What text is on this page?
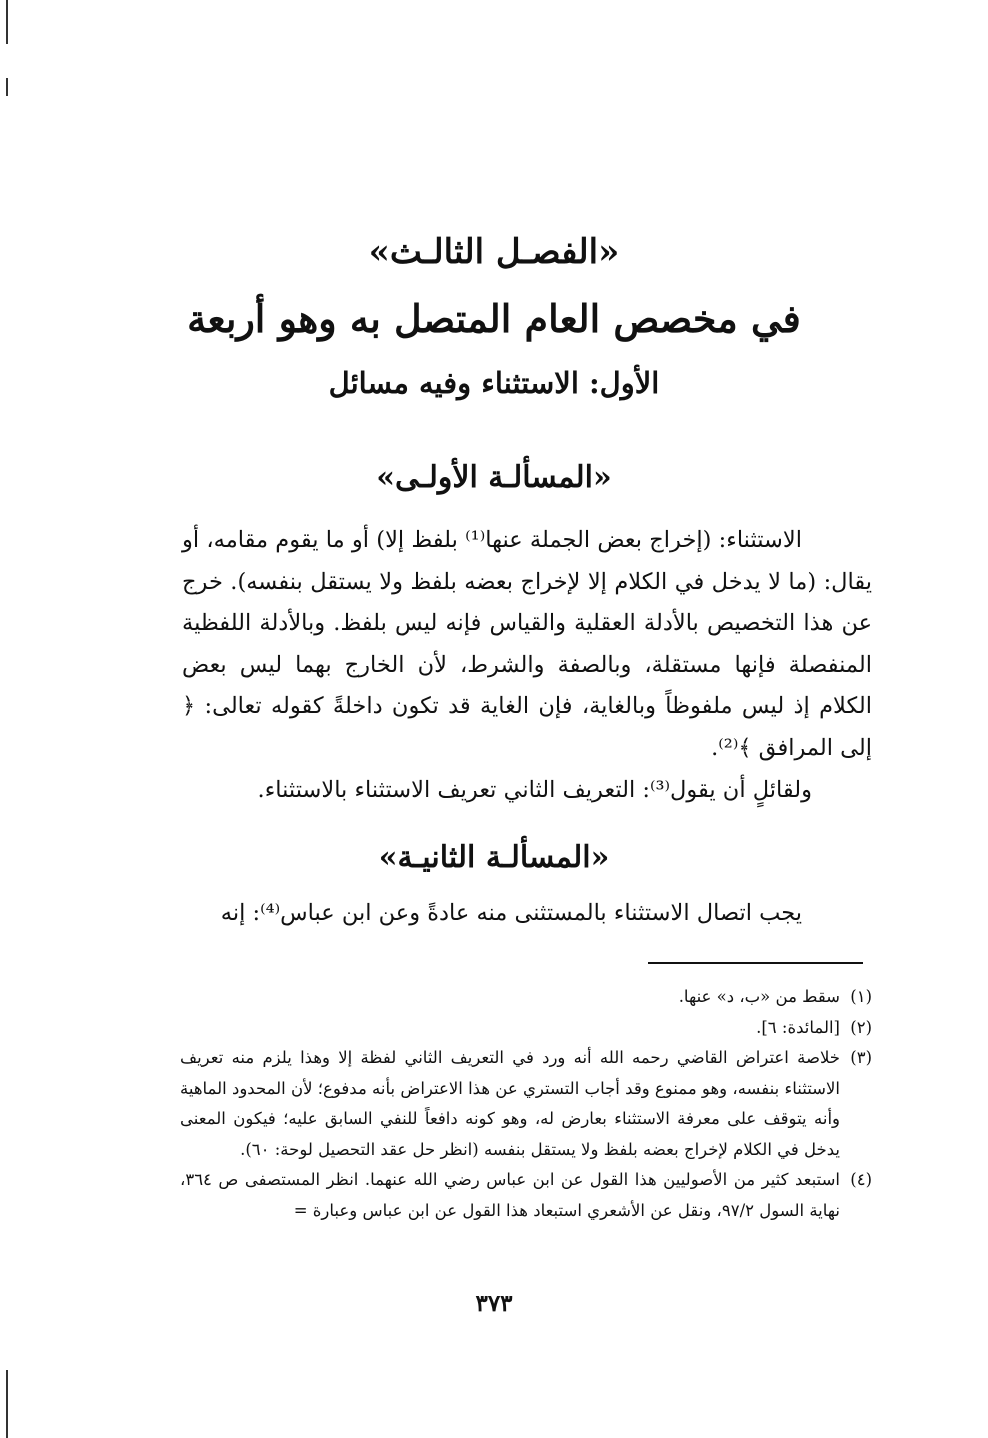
«الفصـل الثالـث»
في مخصص العام المتصل به وهو أربعة
الأول: الاستثناء وفيه مسائل
«المسألـة الأولـى»
الاستثناء: (إخراج بعض الجملة عنها⁽¹⁾ بلفظ إلا) أو ما يقوم مقامه، أو يقال: (ما لا يدخل في الكلام إلا لإخراج بعضه بلفظ ولا يستقل بنفسه). خرج عن هذا التخصيص بالأدلة العقلية والقياس فإنه ليس بلفظ. وبالأدلة اللفظية المنفصلة فإنها مستقلة، وبالصفة والشرط، لأن الخارج بهما ليس بعض الكلام إذ ليس ملفوظاً وبالغاية، فإن الغاية قد تكون داخلةً كقوله تعالى: ﴿ إلى المرافق ﴾⁽²⁾.
ولقائلٍ أن يقول⁽³⁾: التعريف الثاني تعريف الاستثناء بالاستثناء.
«المسألـة الثانيـة»
يجب اتصال الاستثناء بالمستثنى منه عادةً وعن ابن عباس⁽⁴⁾: إنه
(١)
سقط من «ب، د» عنها.
(٢)
[المائدة: ٦].
(٣)
خلاصة اعتراض القاضي رحمه الله أنه ورد في التعريف الثاني لفظة إلا وهذا يلزم منه تعريف الاستثناء بنفسه، وهو ممنوع وقد أجاب التستري عن هذا الاعتراض بأنه مدفوع؛ لأن المحدود الماهية وأنه يتوقف على معرفة الاستثناء بعارض له، وهو كونه دافعاً للنفي السابق عليه؛ فيكون المعنى يدخل في الكلام لإخراج بعضه بلفظ ولا يستقل بنفسه (انظر حل عقد التحصيل لوحة: ٦٠).
(٤)
استبعد كثير من الأصوليين هذا القول عن ابن عباس رضي الله عنهما. انظر المستصفى ص ٣٦٤، نهاية السول ٩٧/٢، ونقل عن الأشعري استبعاد هذا القول عن ابن عباس وعبارة =
٣٧٣
